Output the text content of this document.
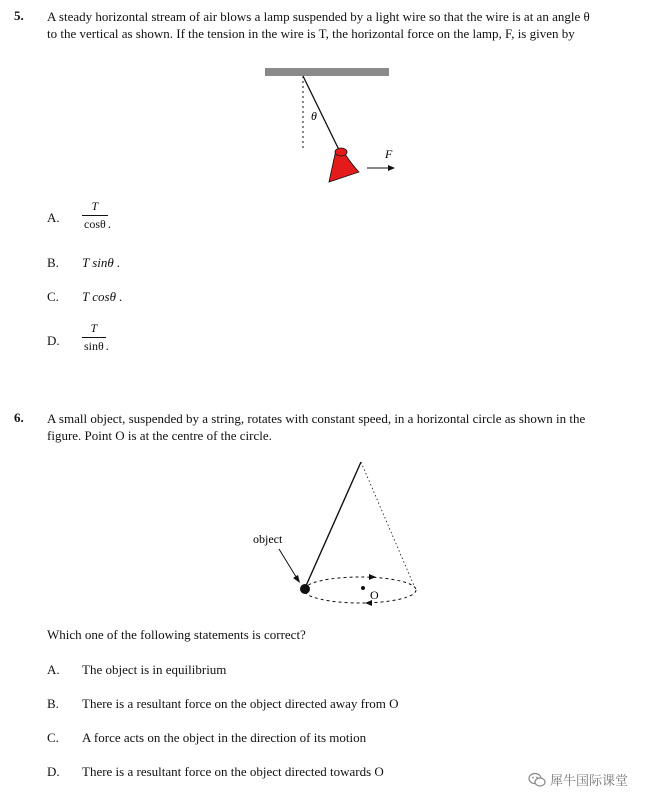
5. A steady horizontal stream of air blows a lamp suspended by a light wire so that the wire is at an angle θ
to the vertical as shown. If the tension in the wire is T, the horizontal force on the lamp, F, is given by
θ
F
A. $\frac{T}{\cos\theta}$ .
B. T sinθ .
C. T cosθ .
D. $\frac{T}{\sin\theta}$ .
6. A small object, suspended by a string, rotates with constant speed, in a horizontal circle as shown in the
figure. Point O is at the centre of the circle.
O
object
Which one of the following statements is correct?
A. The object is in equilibrium
B. There is a resultant force on the object directed away from O
C. A force acts on the object in the direction of its motion
D. There is a resultant force on the object directed towards O
犀牛国际课堂
